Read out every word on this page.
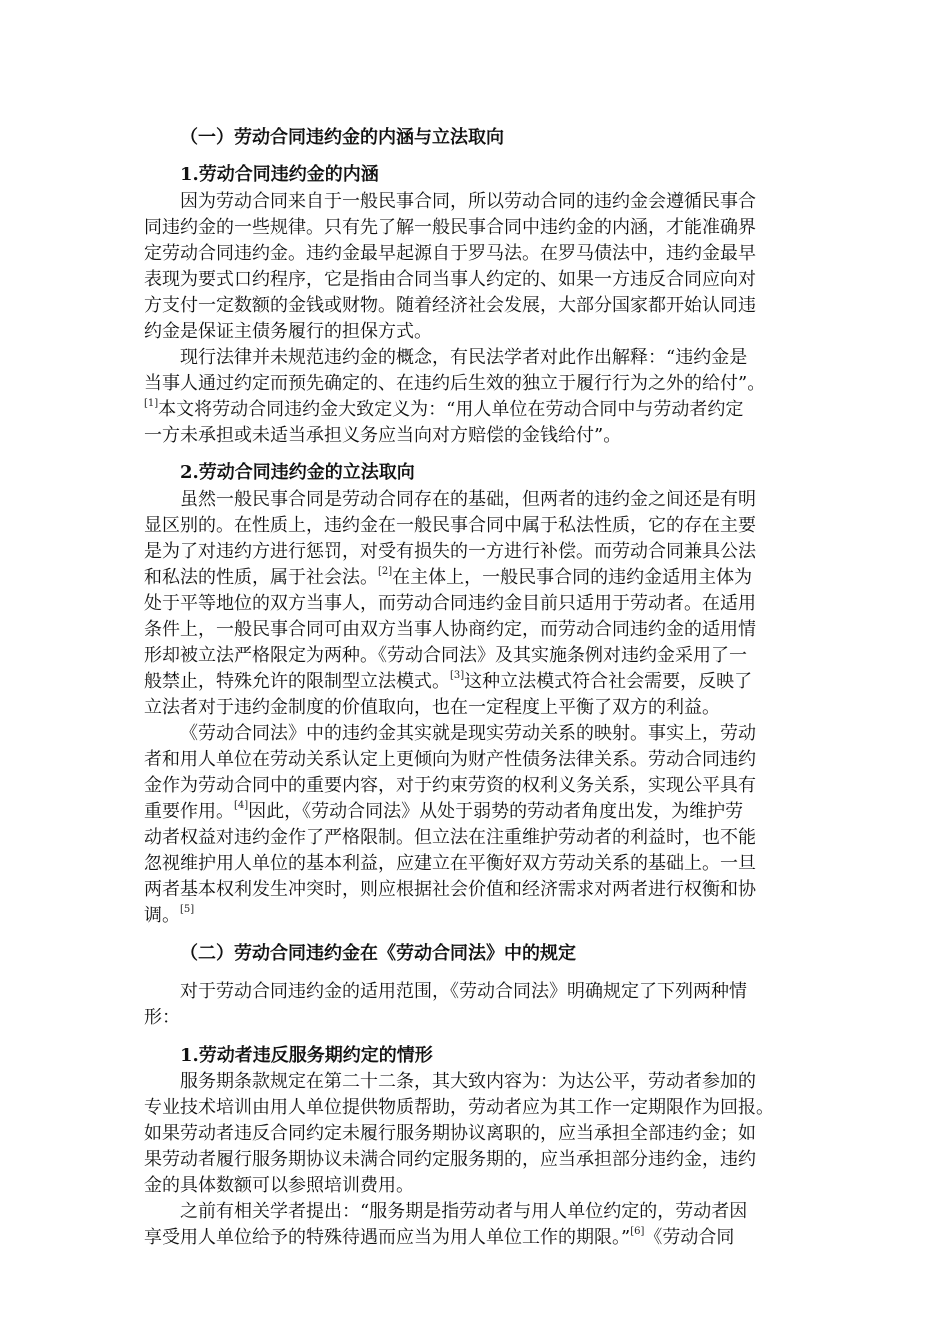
（一）劳动合同违约金的内涵与立法取向
1.劳动合同违约金的内涵
因为劳动合同来自于一般民事合同，所以劳动合同的违约金会遵循民事合
同违约金的一些规律。只有先了解一般民事合同中违约金的内涵，才能准确界
定劳动合同违约金。违约金最早起源自于罗马法。在罗马债法中，违约金最早
表现为要式口约程序，它是指由合同当事人约定的、如果一方违反合同应向对
方支付一定数额的金钱或财物。随着经济社会发展，大部分国家都开始认同违
约金是保证主债务履行的担保方式。
现行法律并未规范违约金的概念，有民法学者对此作出解释：“违约金是
当事人通过约定而预先确定的、在违约后生效的独立于履行行为之外的给付”。
[1]本文将劳动合同违约金大致定义为：“用人单位在劳动合同中与劳动者约定
一方未承担或未适当承担义务应当向对方赔偿的金钱给付”。
2.劳动合同违约金的立法取向
虽然一般民事合同是劳动合同存在的基础，但两者的违约金之间还是有明
显区别的。在性质上，违约金在一般民事合同中属于私法性质，它的存在主要
是为了对违约方进行惩罚，对受有损失的一方进行补偿。而劳动合同兼具公法
和私法的性质，属于社会法。[2]在主体上，一般民事合同的违约金适用主体为
处于平等地位的双方当事人，而劳动合同违约金目前只适用于劳动者。在适用
条件上，一般民事合同可由双方当事人协商约定，而劳动合同违约金的适用情
形却被立法严格限定为两种。《劳动合同法》及其实施条例对违约金采用了一
般禁止，特殊允许的限制型立法模式。[3]这种立法模式符合社会需要，反映了
立法者对于违约金制度的价值取向，也在一定程度上平衡了双方的利益。
《劳动合同法》中的违约金其实就是现实劳动关系的映射。事实上，劳动
者和用人单位在劳动关系认定上更倾向为财产性债务法律关系。劳动合同违约
金作为劳动合同中的重要内容，对于约束劳资的权利义务关系，实现公平具有
重要作用。[4]因此，《劳动合同法》从处于弱势的劳动者角度出发，为维护劳
动者权益对违约金作了严格限制。但立法在注重维护劳动者的利益时，也不能
忽视维护用人单位的基本利益，应建立在平衡好双方劳动关系的基础上。一旦
两者基本权利发生冲突时，则应根据社会价值和经济需求对两者进行权衡和协
调。[5]
（二）劳动合同违约金在《劳动合同法》中的规定
对于劳动合同违约金的适用范围，《劳动合同法》明确规定了下列两种情
形：
1.劳动者违反服务期约定的情形
服务期条款规定在第二十二条，其大致内容为：为达公平，劳动者参加的
专业技术培训由用人单位提供物质帮助，劳动者应为其工作一定期限作为回报。
如果劳动者违反合同约定未履行服务期协议离职的，应当承担全部违约金；如
果劳动者履行服务期协议未满合同约定服务期的，应当承担部分违约金，违约
金的具体数额可以参照培训费用。
之前有相关学者提出：“服务期是指劳动者与用人单位约定的，劳动者因
享受用人单位给予的特殊待遇而应当为用人单位工作的期限。”[6]《劳动合同
